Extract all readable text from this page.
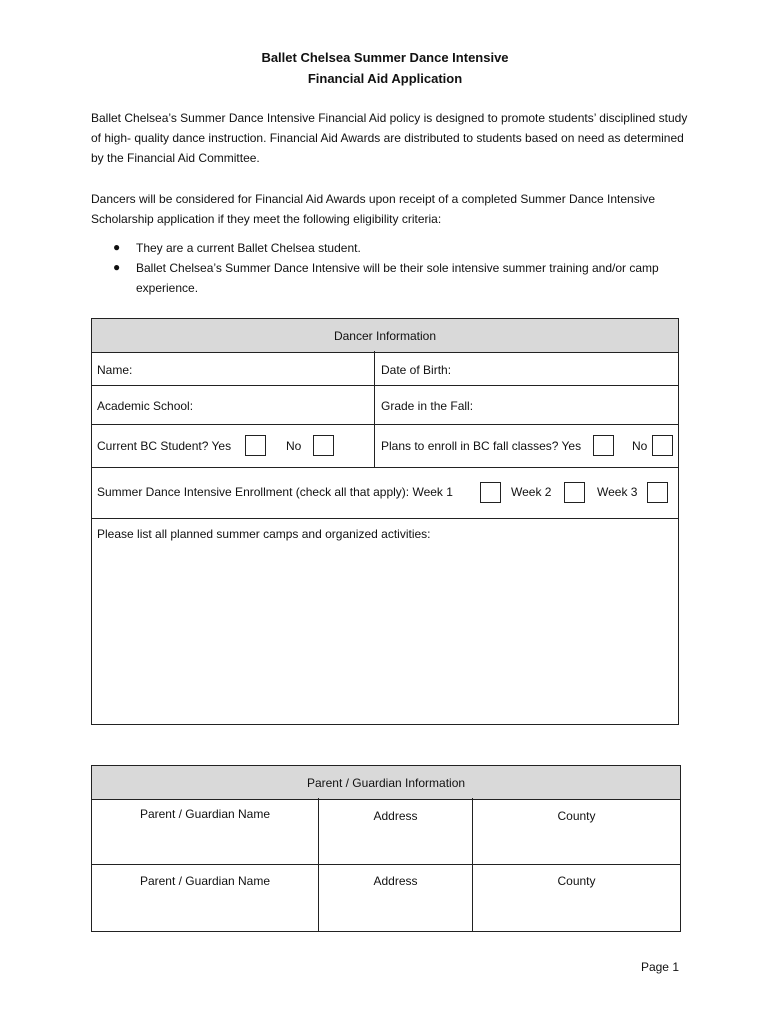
Ballet Chelsea Summer Dance Intensive
Financial Aid Application

Ballet Chelsea’s Summer Dance Intensive Financial Aid policy is designed to promote students’ disciplined study of high- quality dance instruction. Financial Aid Awards are distributed to students based on need as determined by the Financial Aid Committee.

Dancers will be considered for Financial Aid Awards upon receipt of a completed Summer Dance Intensive Scholarship application if they meet the following eligibility criteria:

● They are a current Ballet Chelsea student.

● Ballet Chelsea’s Summer Dance Intensive will be their sole intensive summer training and/or camp experience.

Dancer Information
Name:	Date of Birth:
Academic School:	Grade in the Fall:
Current BC Student? Yes	No	Plans to enroll in BC fall classes? Yes	No
Summer Dance Intensive Enrollment (check all that apply): Week 1	Week 2	Week 3
Please list all planned summer camps and organized activities:
Parent / Guardian Information
Parent / Guardian Name	Address	County
Parent / Guardian Name	Address	County
Page 1
